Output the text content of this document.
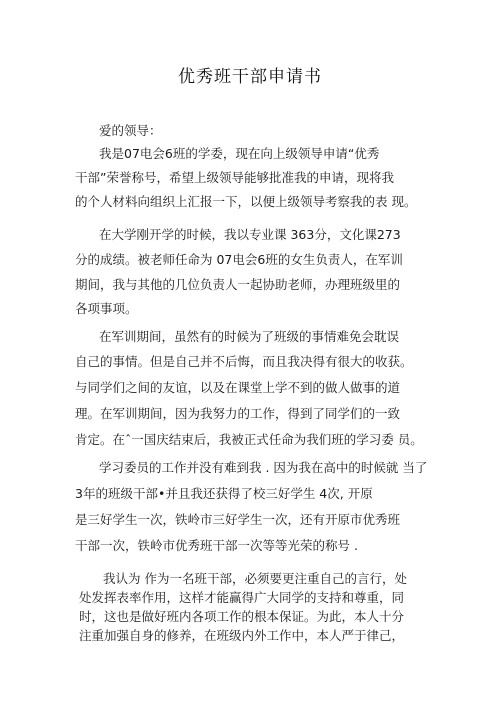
优秀班干部申请书
爱的领导：
我是07电会6班的学委，现在向上级领导申请“优秀
干部”荣誉称号，希望上级领导能够批准我的申请，现将我
的个人材料向组织上汇报一下，以便上级领导考察我的表 现。
在大学刚开学的时候，我以专业课 363分，文化课273
分的成绩。被老师任命为 07电会6班的女生负责人，在军训
期间，我与其他的几位负责人一起协助老师，办理班级里的
各项事项。
在军训期间，虽然有的时候为了班级的事情难免会耽误
自己的事情。但是自己并不后悔，而且我决得有很大的收获。
与同学们之间的友谊，以及在课堂上学不到的做人做事的道
理。在军训期间，因为我努力的工作，得到了同学们的一致
肯定。在ˆ一国庆结束后，我被正式任命为我们班的学习委 员。
学习委员的工作并没有难到我 . 因为我在高中的时候就 当了
3年的班级干部•并且我还获得了校三好学生 4次, 开原
是三好学生一次，铁岭市三好学生一次，还有开原市优秀班
干部一次，铁岭市优秀班干部一次等等光荣的称号 .
我认为 作为一名班干部，必须要更注重自己的言行，处
处发挥表率作用，这样才能赢得广大同学的支持和尊重，同
时，这也是做好班内各项工作的根本保证。为此，本人十分
注重加强自身的修养，在班级内外工作中，本人严于律己，
